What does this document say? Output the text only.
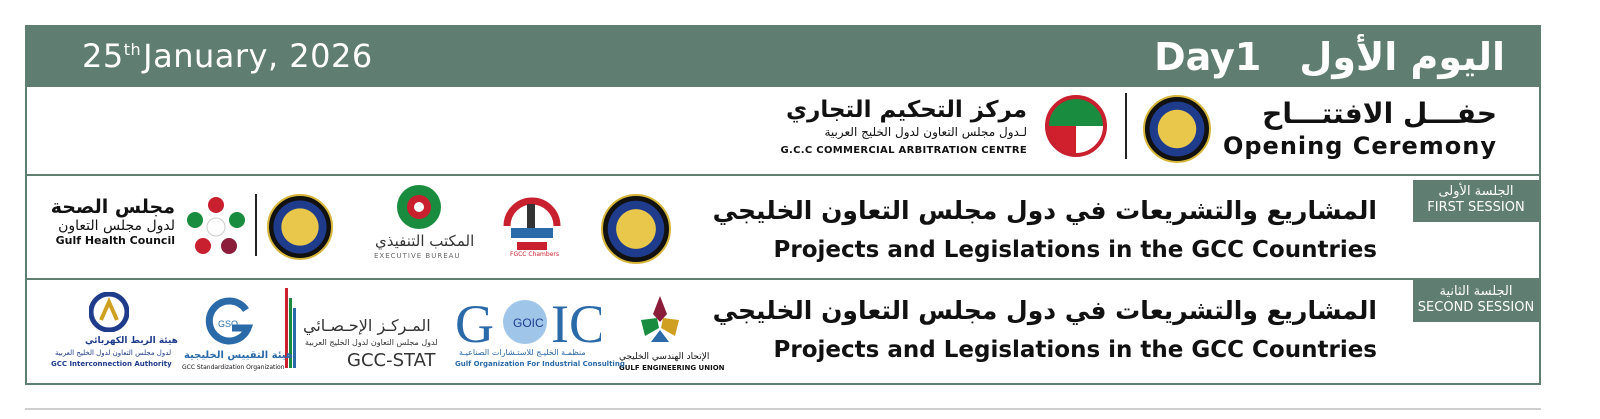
25thJanuary, 2026	Day1 اليوم الأول
حفـــل الافتتـــاح
Opening Ceremony
مركز التحكيم التجاري
لـدول مجلس التعاون لدول الخليج العربية
G.C.C COMMERCIAL ARBITRATION CENTRE
الجلسة الأولى
FIRST SESSION
المشاريع والتشريعات في دول مجلس التعاون الخليجي
Projects and Legislations in the GCC Countries
FGCC Chambers
المكتب التنفيذي
EXECUTIVE BUREAU
مجلس الصحة
لدول مجلس التعاون
Gulf Health Council
الجلسة الثانية
SECOND SESSION
المشاريع والتشريعات في دول مجلس التعاون الخليجي
Projects and Legislations in the GCC Countries
الإتحاد الهندسي الخليجي
GULF ENGINEERING UNION
G GOIC IC
منظمـة الخليـج للاستـشارات الصناعيـة
Gulf Organization For Industrial Consulting
المـركـز الإحـصـائي
لدول مجلس التعاون لدول الخليج العربية
GCC-STAT
GSO
هيئة التقييس الخليجية
GCC Standardization Organization
هيئة الربط الكهربائي
لدول مجلس التعاون لدول الخليج العربية
GCC Interconnection Authority
